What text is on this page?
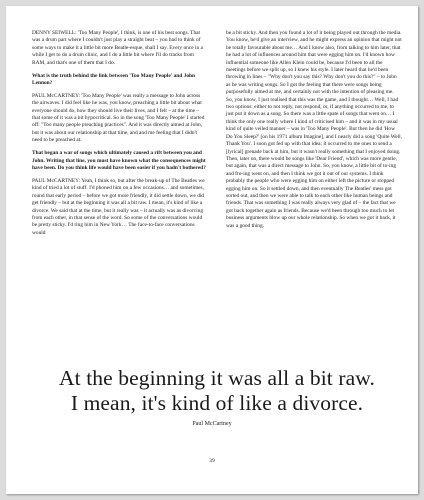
DENNY SEIWELL: 'Too Many People', I think, is one of his best songs. That was a drum part where I couldn't just play a straight beat – you had to think of some ways to make it a little bit more Beatle-esque, shall I say. Every once in a while I get to do a drum clinic, and I do a little bit where I'll do tracks from RAM, and that's one of them that I do.

What is the truth behind the link between 'Too Many People' and John Lennon?

PAUL McCARTNEY: 'Too Many People' was really a message to John across the airwaves. I did feel like he was, you know, preaching a little bit about what everyone should do, how they should live their lives, and I felt – at the time – that some of it was a bit hypocritical. So in the song 'Too Many People' I started off: "Too many people preaching practices". And it was directly aimed at John, but it was about our relationship at that time, and and me feeling that I didn't need to be preached at.

That began a war of songs which ultimately caused a rift between you and John. Writing that line, you must have known what the consequences might have been. Do you think life would have been easier if you hadn't bothered?

PAUL McCARTNEY: Yeah, I think so, but after the break-up of The Beatles we kind of tried a lot of stuff. I'd phoned him on a few occasions… and sometimes, round that early period – before we got more friendly, it did settle down, we did get friendly – but at the beginning it was all a bit raw. I mean, it's kind of like a divorce. We said that at the time, but it really was – it actually was as divorcing from each other, in that sense of the word. So some of the conversations would be pretty sticky. I'd ring him in New York… The face-to-face conversations would

be a bit sticky. And then you found a lot of it being played out through the media. You know, he'd give an interview, and he might express an opinion that might not be totally favourable about me… And I know also, from talking to him later, that he had a lot of influences around him that were egging him on. I'd known how influential someone like Allen Klein could be, because I'd been to all the meetings before we split up, so I knew his style. I later heard that he'd been throwing in lines – "Why don't you say this? Why don't you do this?" – to John as he was writing songs. So I got the feeling that there were songs being purposefully aimed at me, and certainly not with the intention of pleasing me. So, you know, I just realised that this was the game, and I thought… Well, I had two options: either to not reply, not respond, or, if anything occurred to me, to just put it down as a song. So there was a little spate of songs that went on… I think the only one really where I kind of criticised him – and it was in my usual kind of quite veiled manner – was in 'Too Many People'. But then he did 'How Do You Sleep?' [on his 1971 album Imagine], and I nearly did a song 'Quite Well, Thank You'. I soon got fed up with that idea; it occurred to me ones to send a [lyrical] grenade back at him, but it wasn't really something that I enjoyed doing. Then, later on, there would be songs like 'Dear Friend', which was more gentle, but again, that was a direct message to John. So, you know, a little bit of to-ing and fro-ing went on, and then I think we got it out of our systems. I think probably the people who were egging him on either left the picture or stopped egging him on. So it settled down, and then eventually The Beatles' mess got sorted out, and then we were able to talk to each other like human beings and friends. That was something I was really always very glad of – the fact that we got back together again as friends. Because we'd been through too much to let business arguments blow up our whole relationship. So when we got it back, it was a good thing.

At the beginning it was all a bit raw.
I mean, it's kind of like a divorce.
Paul McCartney
39
